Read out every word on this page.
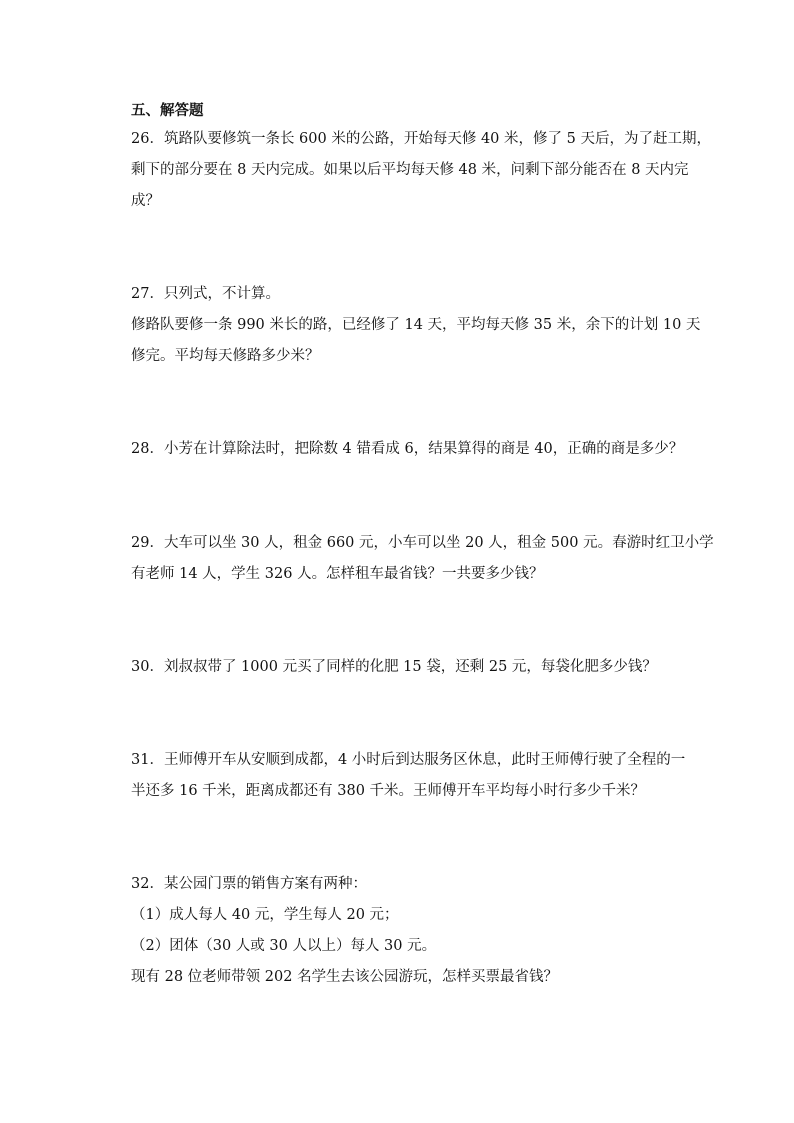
五、解答题
26．筑路队要修筑一条长 600 米的公路，开始每天修 40 米，修了 5 天后，为了赶工期，
剩下的部分要在 8 天内完成。如果以后平均每天修 48 米，问剩下部分能否在 8 天内完
成？
27．只列式，不计算。
修路队要修一条 990 米长的路，已经修了 14 天，平均每天修 35 米，余下的计划 10 天
修完。平均每天修路多少米？
28．小芳在计算除法时，把除数 4 错看成 6，结果算得的商是 40，正确的商是多少？
29．大车可以坐 30 人，租金 660 元，小车可以坐 20 人，租金 500 元。春游时红卫小学
有老师 14 人，学生 326 人。怎样租车最省钱？一共要多少钱？
30．刘叔叔带了 1000 元买了同样的化肥 15 袋，还剩 25 元，每袋化肥多少钱？
31．王师傅开车从安顺到成都，4 小时后到达服务区休息，此时王师傅行驶了全程的一
半还多 16 千米，距离成都还有 380 千米。王师傅开车平均每小时行多少千米？
32．某公园门票的销售方案有两种：
（1）成人每人 40 元，学生每人 20 元；
（2）团体（30 人或 30 人以上）每人 30 元。
现有 28 位老师带领 202 名学生去该公园游玩，怎样买票最省钱？
